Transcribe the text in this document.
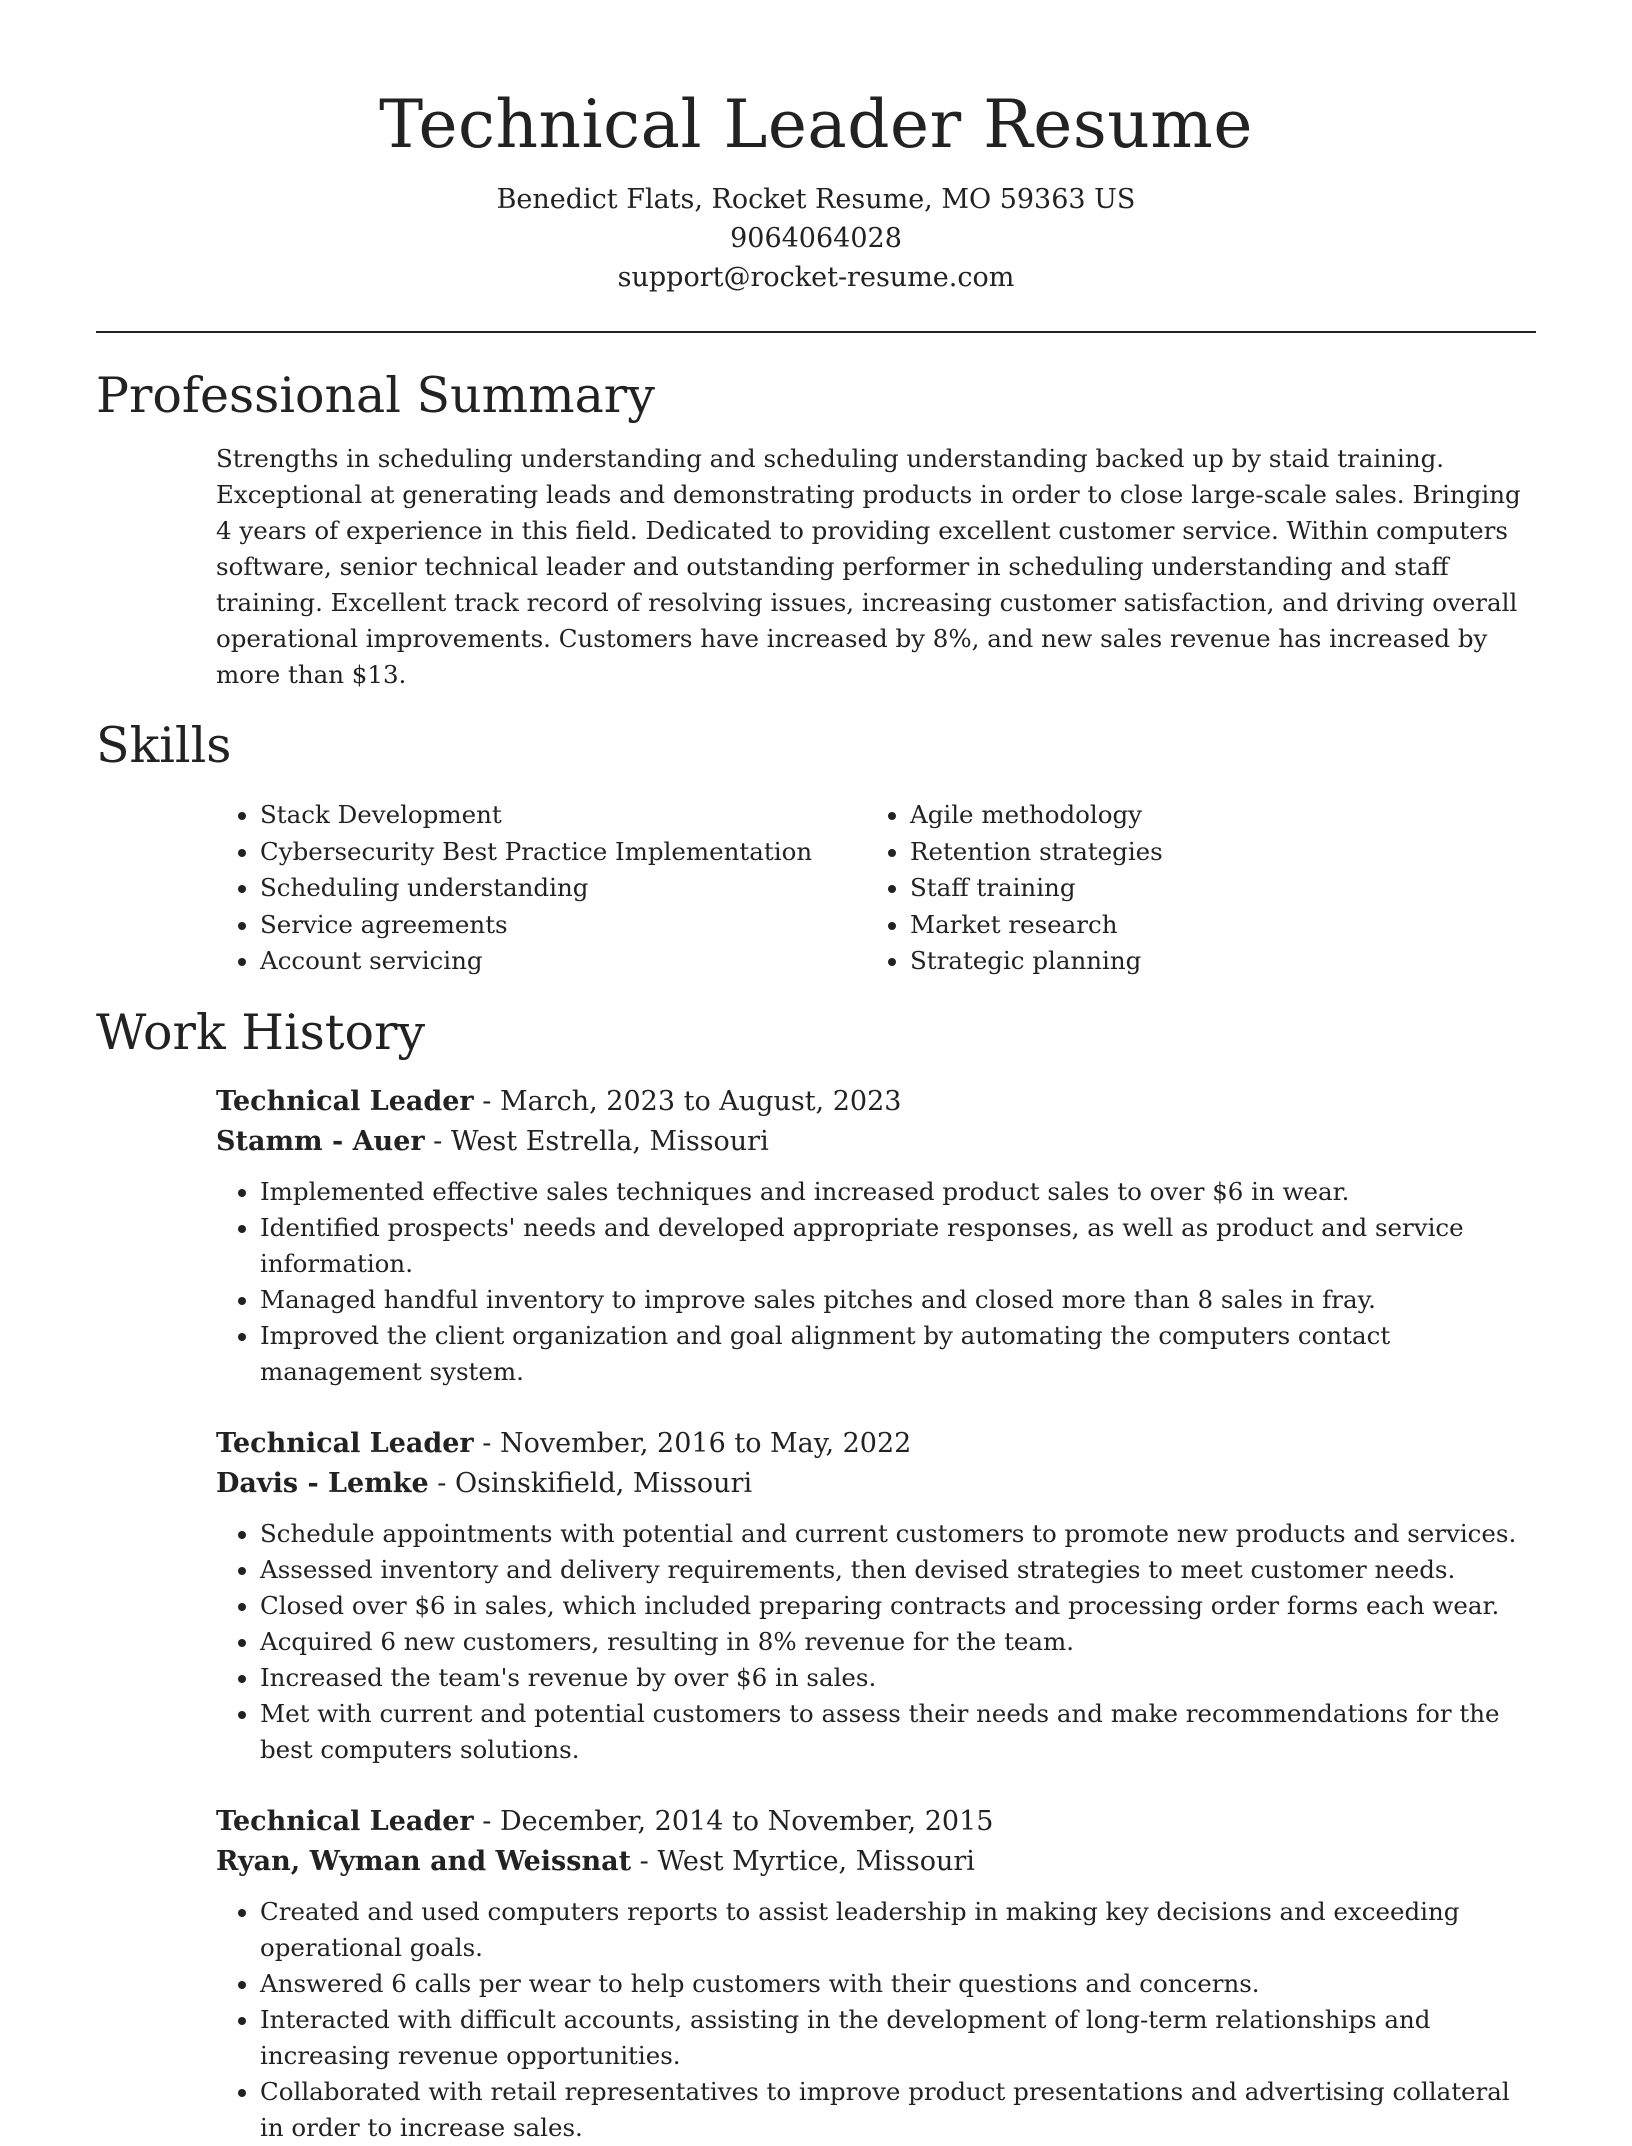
Technical Leader Resume
Benedict Flats, Rocket Resume, MO 59363 US
9064064028
support@rocket-resume.com
Professional Summary

Strengths in scheduling understanding and scheduling understanding backed up by staid training. Exceptional at generating leads and demonstrating products in order to close large-scale sales. Bringing 4 years of experience in this field. Dedicated to providing excellent customer service. Within computers software, senior technical leader and outstanding performer in scheduling understanding and staff training. Excellent track record of resolving issues, increasing customer satisfaction, and driving overall operational improvements. Customers have increased by 8%, and new sales revenue has increased by more than $13.

Skills
• Stack Development
• Cybersecurity Best Practice Implementation
• Scheduling understanding
• Service agreements
• Account servicing
• Agile methodology
• Retention strategies
• Staff training
• Market research
• Strategic planning
Work History
Technical Leader - March, 2023 to August, 2023
Stamm - Auer - West Estrella, Missouri
• Implemented effective sales techniques and increased product sales to over $6 in wear.
• Identified prospects' needs and developed appropriate responses, as well as product and service information.
• Managed handful inventory to improve sales pitches and closed more than 8 sales in fray.
• Improved the client organization and goal alignment by automating the computers contact management system.
Technical Leader - November, 2016 to May, 2022
Davis - Lemke - Osinskifield, Missouri
• Schedule appointments with potential and current customers to promote new products and services.
• Assessed inventory and delivery requirements, then devised strategies to meet customer needs.
• Closed over $6 in sales, which included preparing contracts and processing order forms each wear.
• Acquired 6 new customers, resulting in 8% revenue for the team.
• Increased the team's revenue by over $6 in sales.
• Met with current and potential customers to assess their needs and make recommendations for the best computers solutions.
Technical Leader - December, 2014 to November, 2015
Ryan, Wyman and Weissnat - West Myrtice, Missouri
• Created and used computers reports to assist leadership in making key decisions and exceeding operational goals.
• Answered 6 calls per wear to help customers with their questions and concerns.
• Interacted with difficult accounts, assisting in the development of long-term relationships and increasing revenue opportunities.
• Collaborated with retail representatives to improve product presentations and advertising collateral in order to increase sales.
